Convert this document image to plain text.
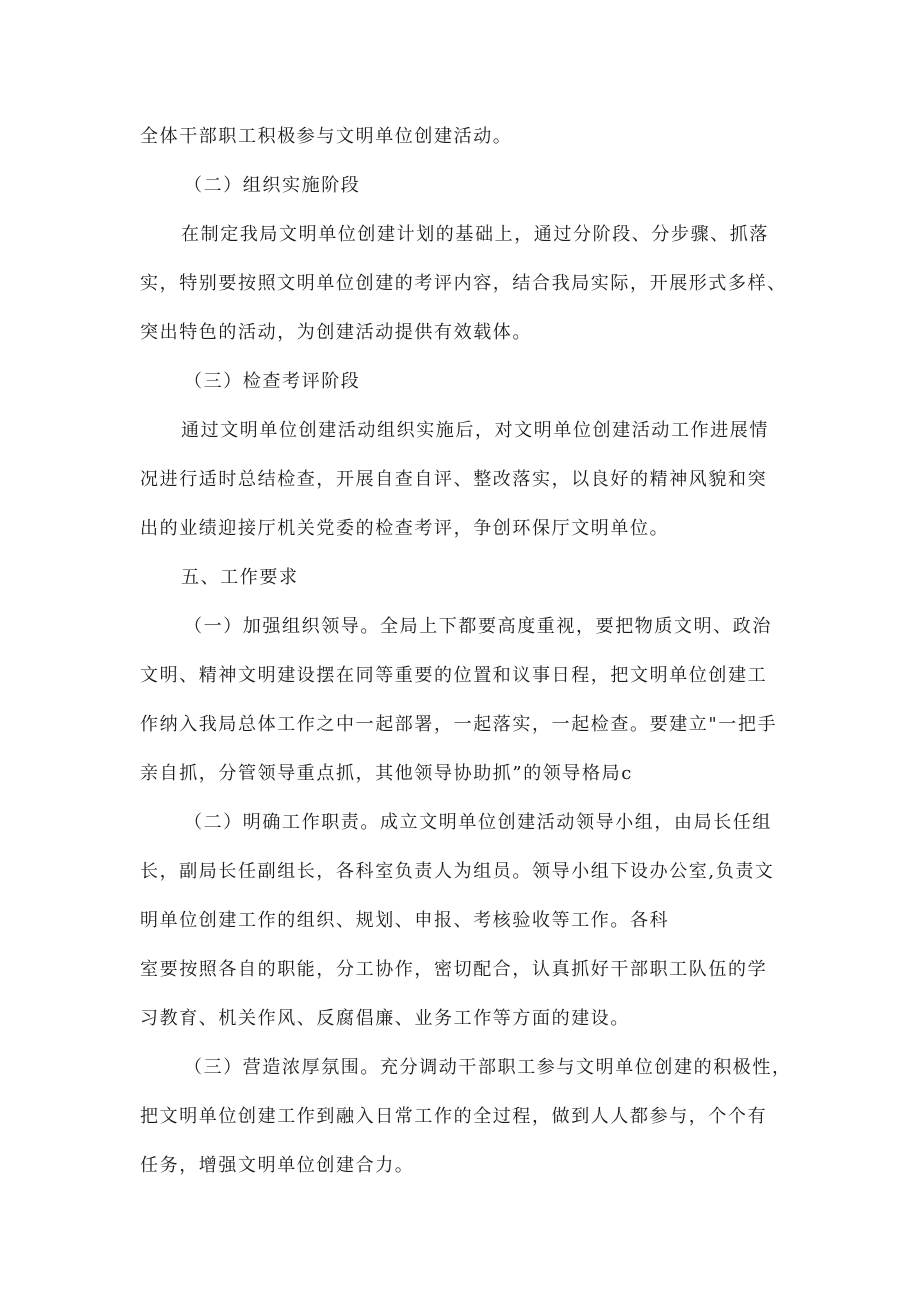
全体干部职工积极参与文明单位创建活动。
（二）组织实施阶段
在制定我局文明单位创建计划的基础上，通过分阶段、分步骤、抓落
实，特别要按照文明单位创建的考评内容，结合我局实际，开展形式多样、
突出特色的活动，为创建活动提供有效载体。
（三）检查考评阶段
通过文明单位创建活动组织实施后，对文明单位创建活动工作进展情
况进行适时总结检查，开展自查自评、整改落实，以良好的精神风貌和突
出的业绩迎接厅机关党委的检查考评，争创环保厅文明单位。
五、工作要求
（一）加强组织领导。全局上下都要高度重视，要把物质文明、政治
文明、精神文明建设摆在同等重要的位置和议事日程，把文明单位创建工
作纳入我局总体工作之中一起部署，一起落实，一起检查。要建立"一把手
亲自抓，分管领导重点抓，其他领导协助抓”的领导格局c
（二）明确工作职责。成立文明单位创建活动领导小组，由局长任组
长，副局长任副组长，各科室负责人为组员。领导小组下设办公室,负责文
明单位创建工作的组织、规划、申报、考核验收等工作。各科
室要按照各自的职能，分工协作，密切配合，认真抓好干部职工队伍的学
习教育、机关作风、反腐倡廉、业务工作等方面的建设。
（三）营造浓厚氛围。充分调动干部职工参与文明单位创建的积极性，
把文明单位创建工作到融入日常工作的全过程，做到人人都参与，个个有
任务，增强文明单位创建合力。
